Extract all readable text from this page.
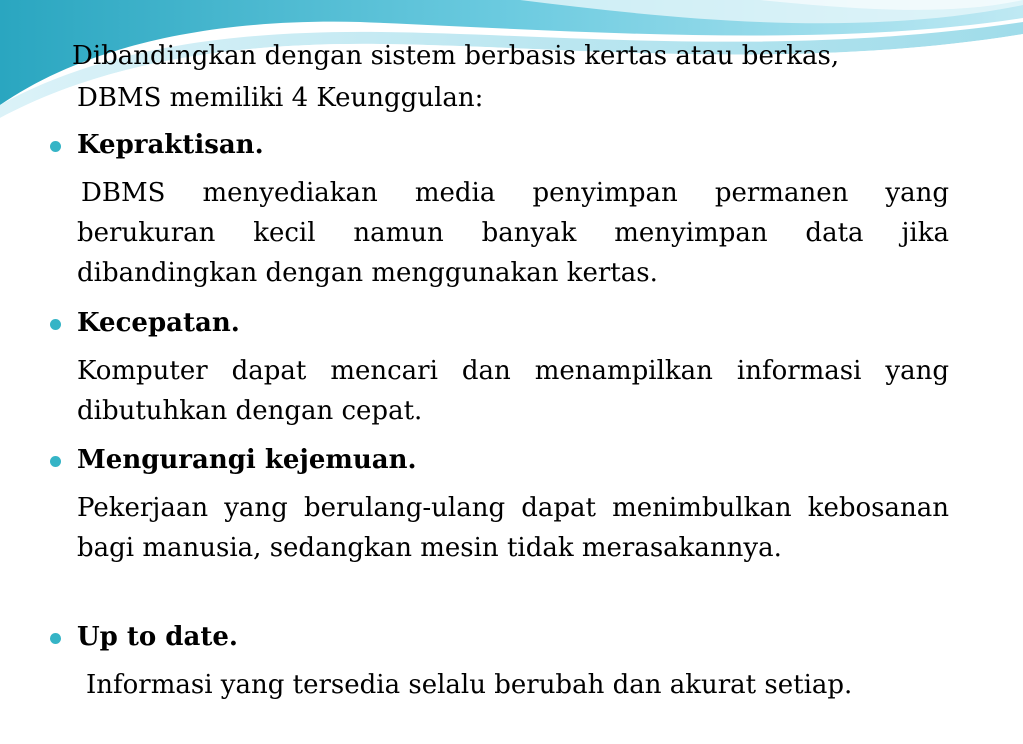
Dibandingkan dengan sistem berbasis kertas atau berkas,
DBMS memiliki 4 Keunggulan:
Kepraktisan.
DBMS menyediakan media penyimpan permanen yang berukuran kecil namun banyak menyimpan data jika dibandingkan dengan menggunakan kertas.
Kecepatan.
Komputer dapat mencari dan menampilkan informasi yang dibutuhkan dengan cepat.
Mengurangi kejemuan.
Pekerjaan yang berulang-ulang dapat menimbulkan kebosanan bagi manusia, sedangkan mesin tidak merasakannya.
Up to date.
Informasi yang tersedia selalu berubah dan akurat setiap.
